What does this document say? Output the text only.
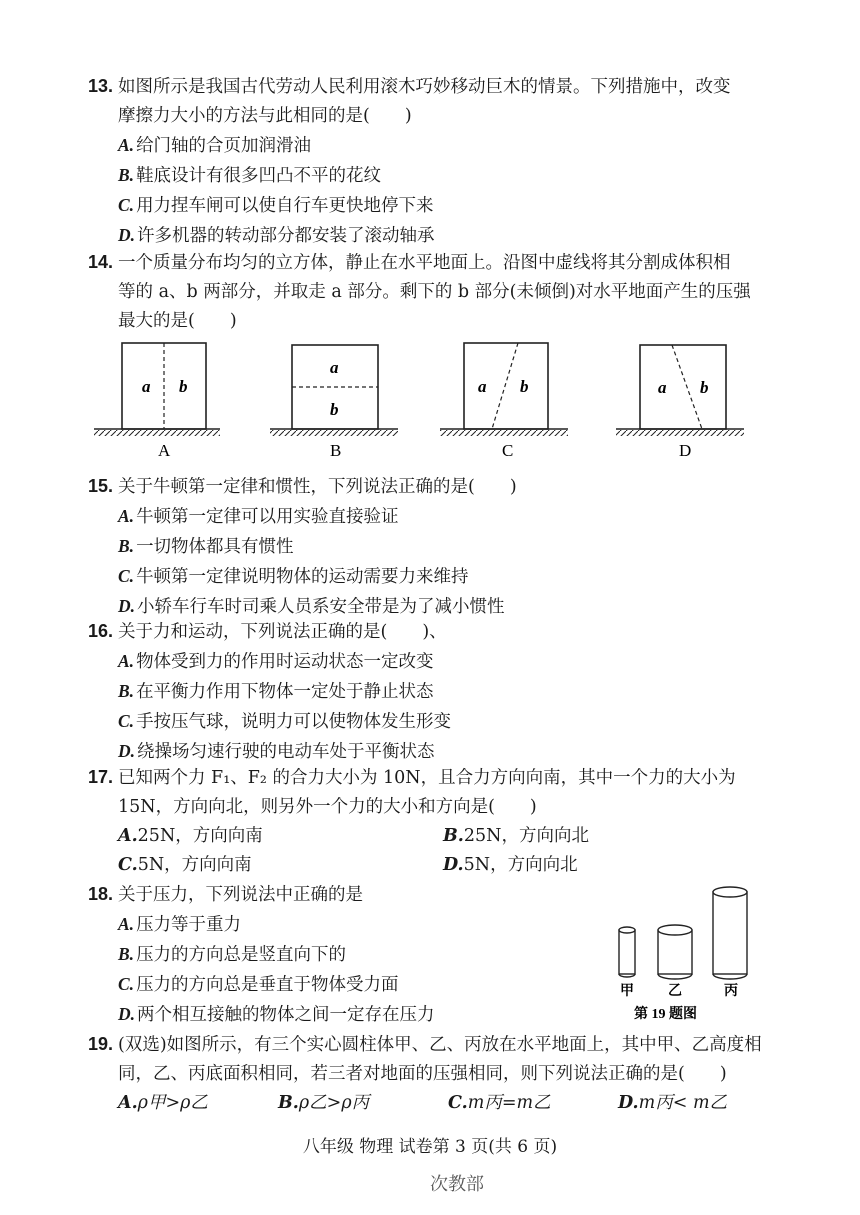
13. 如图所示是我国古代劳动人民利用滚木巧妙移动巨木的情景。下列措施中，改变
摩擦力大小的方法与此相同的是(　　)
A. 给门轴的合页加润滑油
B. 鞋底设计有很多凹凸不平的花纹
C. 用力捏车闸可以使自行车更快地停下来
D. 许多机器的转动部分都安装了滚动轴承
14. 一个质量分布均匀的立方体，静止在水平地面上。沿图中虚线将其分割成体积相
等的 a、b 两部分，并取走 a 部分。剩下的 b 部分(未倾倒)对水平地面产生的压强
最大的是(　　)
a b
A
a
b
B
a b
C
a b
D
15. 关于牛顿第一定律和惯性，下列说法正确的是(　　)
A. 牛顿第一定律可以用实验直接验证
B. 一切物体都具有惯性
C. 牛顿第一定律说明物体的运动需要力来维持
D. 小轿车行车时司乘人员系安全带是为了减小惯性
16. 关于力和运动，下列说法正确的是(　　)、
A. 物体受到力的作用时运动状态一定改变
B. 在平衡力作用下物体一定处于静止状态
C. 手按压气球，说明力可以使物体发生形变
D. 绕操场匀速行驶的电动车处于平衡状态
17. 已知两个力 F₁、F₂ 的合力大小为 10N，且合力方向向南，其中一个力的大小为
15N，方向向北，则另外一个力的大小和方向是(　　)
A.25N，方向向南	B.25N，方向向北
C.5N，方向向南	D.5N，方向向北
18. 关于压力，下列说法中正确的是
A. 压力等于重力
B. 压力的方向总是竖直向下的
C. 压力的方向总是垂直于物体受力面
D. 两个相互接触的物体之间一定存在压力
甲 乙	丙
第 19 题图
19. (双选)如图所示，有三个实心圆柱体甲、乙、丙放在水平地面上，其中甲、乙高度相
同，乙、丙底面积相同，若三者对地面的压强相同，则下列说法正确的是(　　)
A.ρ甲>ρ乙	B.ρ乙>ρ丙	C.m丙=m乙	D.m丙< m乙
八年级 物理 试卷第 3 页(共 6 页)
次教部
